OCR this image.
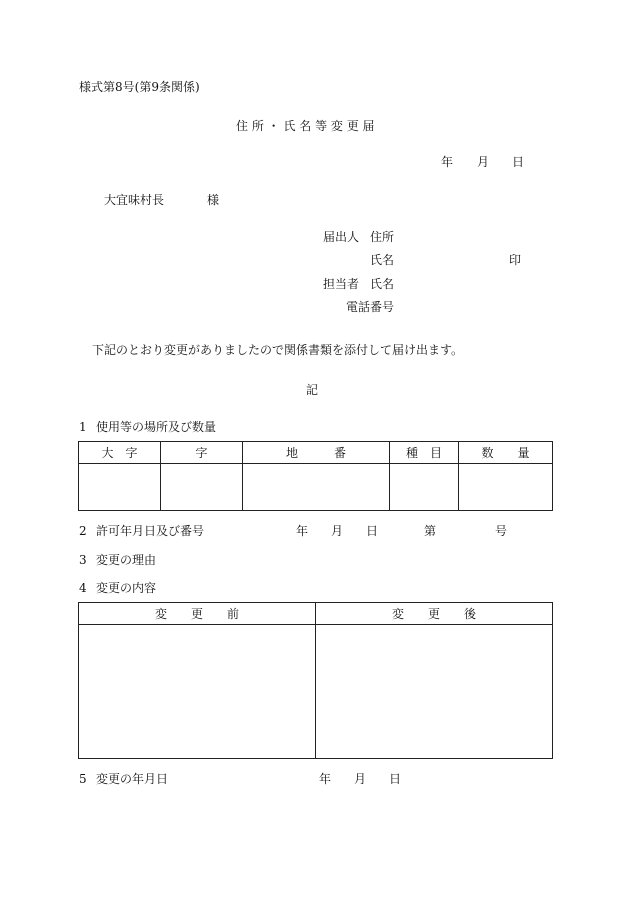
様式第8号(第9条関係)
住 所 ・ 氏 名 等 変 更 届
年 月 日
大宜味村長	様
届出人 住所
氏名	印
担当者 氏名
電話番号
下記のとおり変更がありましたので関係書類を添付して届け出ます。
記
1 使用等の場所及び数量
大　字	字	地　　　番	種　目	数　　量

2 許可年月日及び番号	年 月 日	第	号
3 変更の理由
4 変更の内容
変　　更　　前	変　　更　　後

5 変更の年月日	年 月 日
